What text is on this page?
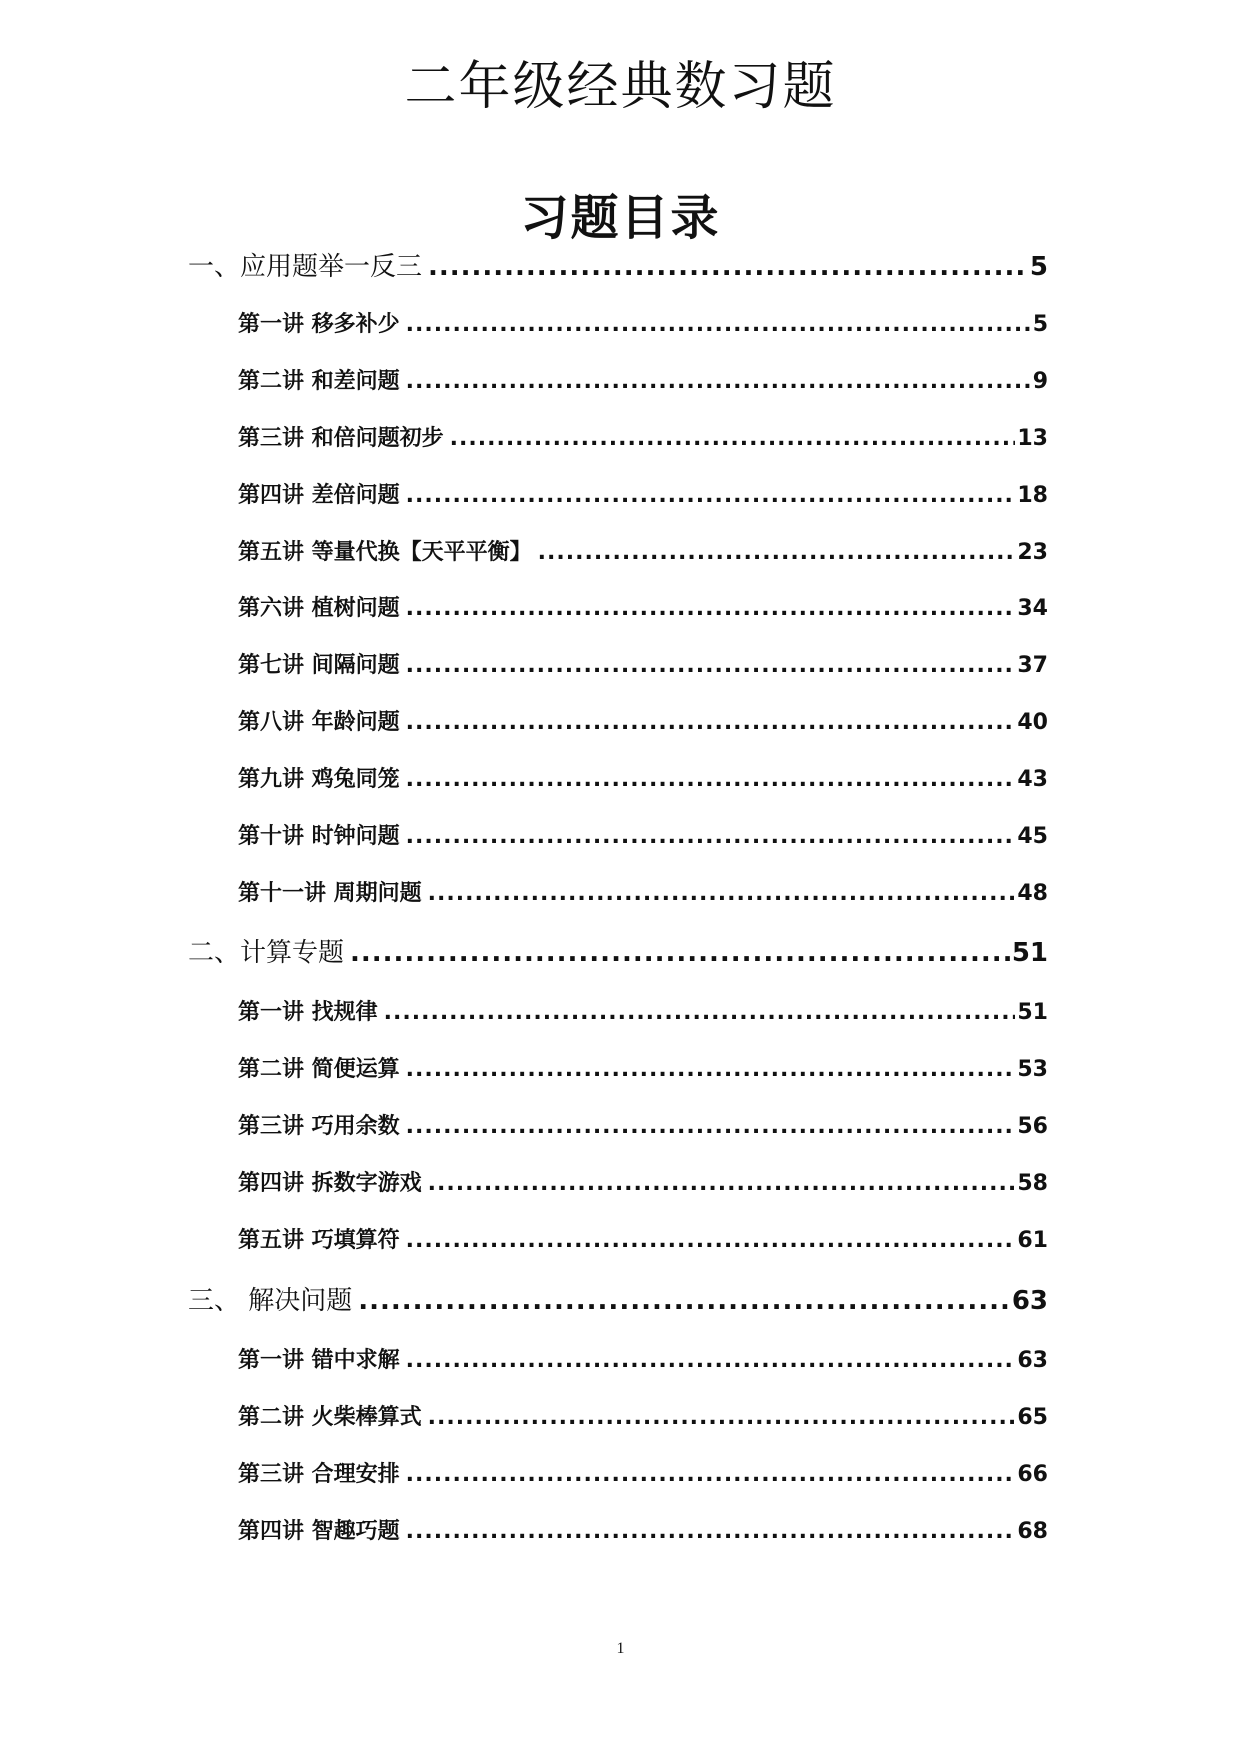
二年级经典数习题
习题目录
一、应用题举一反三 .....	5
第一讲 移多补少 .....	5
第二讲 和差问题 .....	9
第三讲 和倍问题初步 .....	13
第四讲 差倍问题 .....	18
第五讲 等量代换【天平平衡】 .....	23
第六讲 植树问题 .....	34
第七讲 间隔问题 .....	37
第八讲 年龄问题 .....	40
第九讲 鸡兔同笼 .....	43
第十讲 时钟问题 .....	45
第十一讲 周期问题 .....	48
二、计算专题 .....	51
第一讲 找规律 .....	51
第二讲 简便运算 .....	53
第三讲 巧用余数 .....	56
第四讲 拆数字游戏 .....	58
第五讲 巧填算符 .....	61
三、 解决问题 .....	63
第一讲 错中求解 .....	63
第二讲 火柴棒算式 .....	65
第三讲 合理安排 .....	66
第四讲 智趣巧题 .....	68
1
